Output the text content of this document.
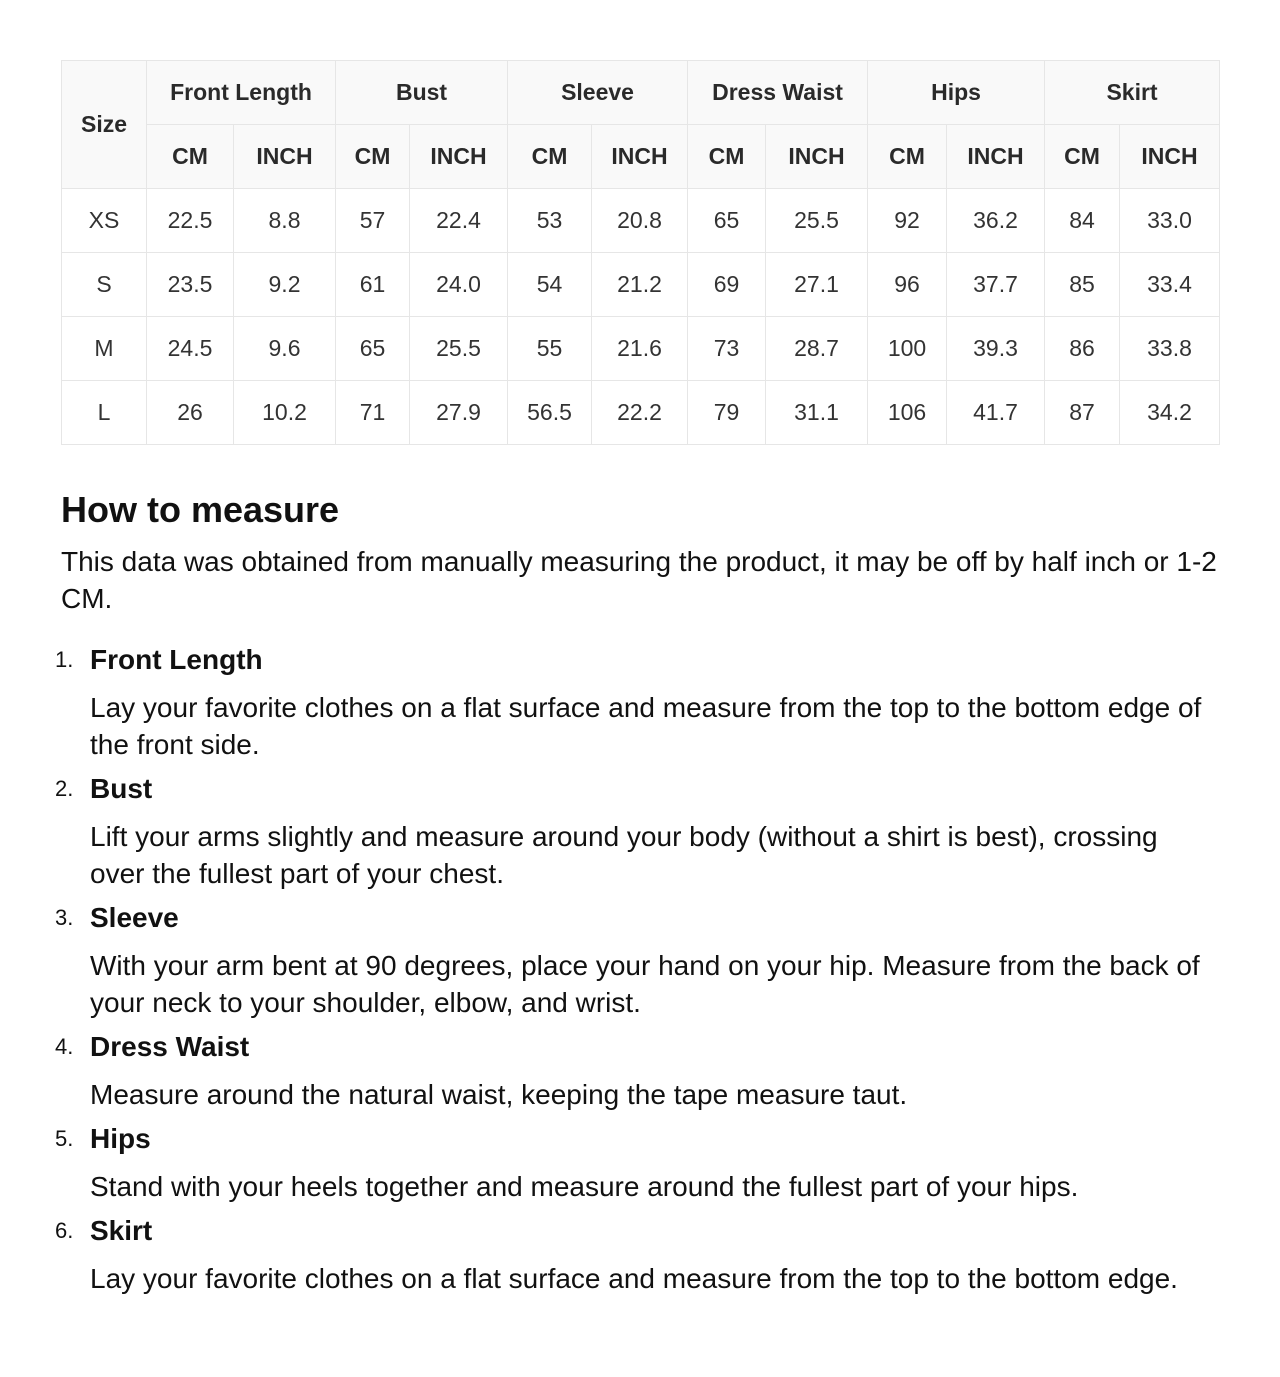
Size	Front Length		Bust		Sleeve		Dress Waist		Hips		Skirt	
	CM	INCH	CM	INCH	CM	INCH	CM	INCH	CM	INCH	CM	INCH
XS	22.5	8.8	57	22.4	53	20.8	65	25.5	92	36.2	84	33.0
S	23.5	9.2	61	24.0	54	21.2	69	27.1	96	37.7	85	33.4
M	24.5	9.6	65	25.5	55	21.6	73	28.7	100	39.3	86	33.8
L	26	10.2	71	27.9	56.5	22.2	79	31.1	106	41.7	87	34.2
How to measure

This data was obtained from manually measuring the product, it may be off by half inch or 1-2 CM.

1. Front Length
Lay your favorite clothes on a flat surface and measure from the top to the bottom edge of the front side.
2. Bust
Lift your arms slightly and measure around your body (without a shirt is best), crossing over the fullest part of your chest.
3. Sleeve
With your arm bent at 90 degrees, place your hand on your hip. Measure from the back of your neck to your shoulder, elbow, and wrist.
4. Dress Waist
Measure around the natural waist, keeping the tape measure taut.
5. Hips
Stand with your heels together and measure around the fullest part of your hips.
6. Skirt
Lay your favorite clothes on a flat surface and measure from the top to the bottom edge.
